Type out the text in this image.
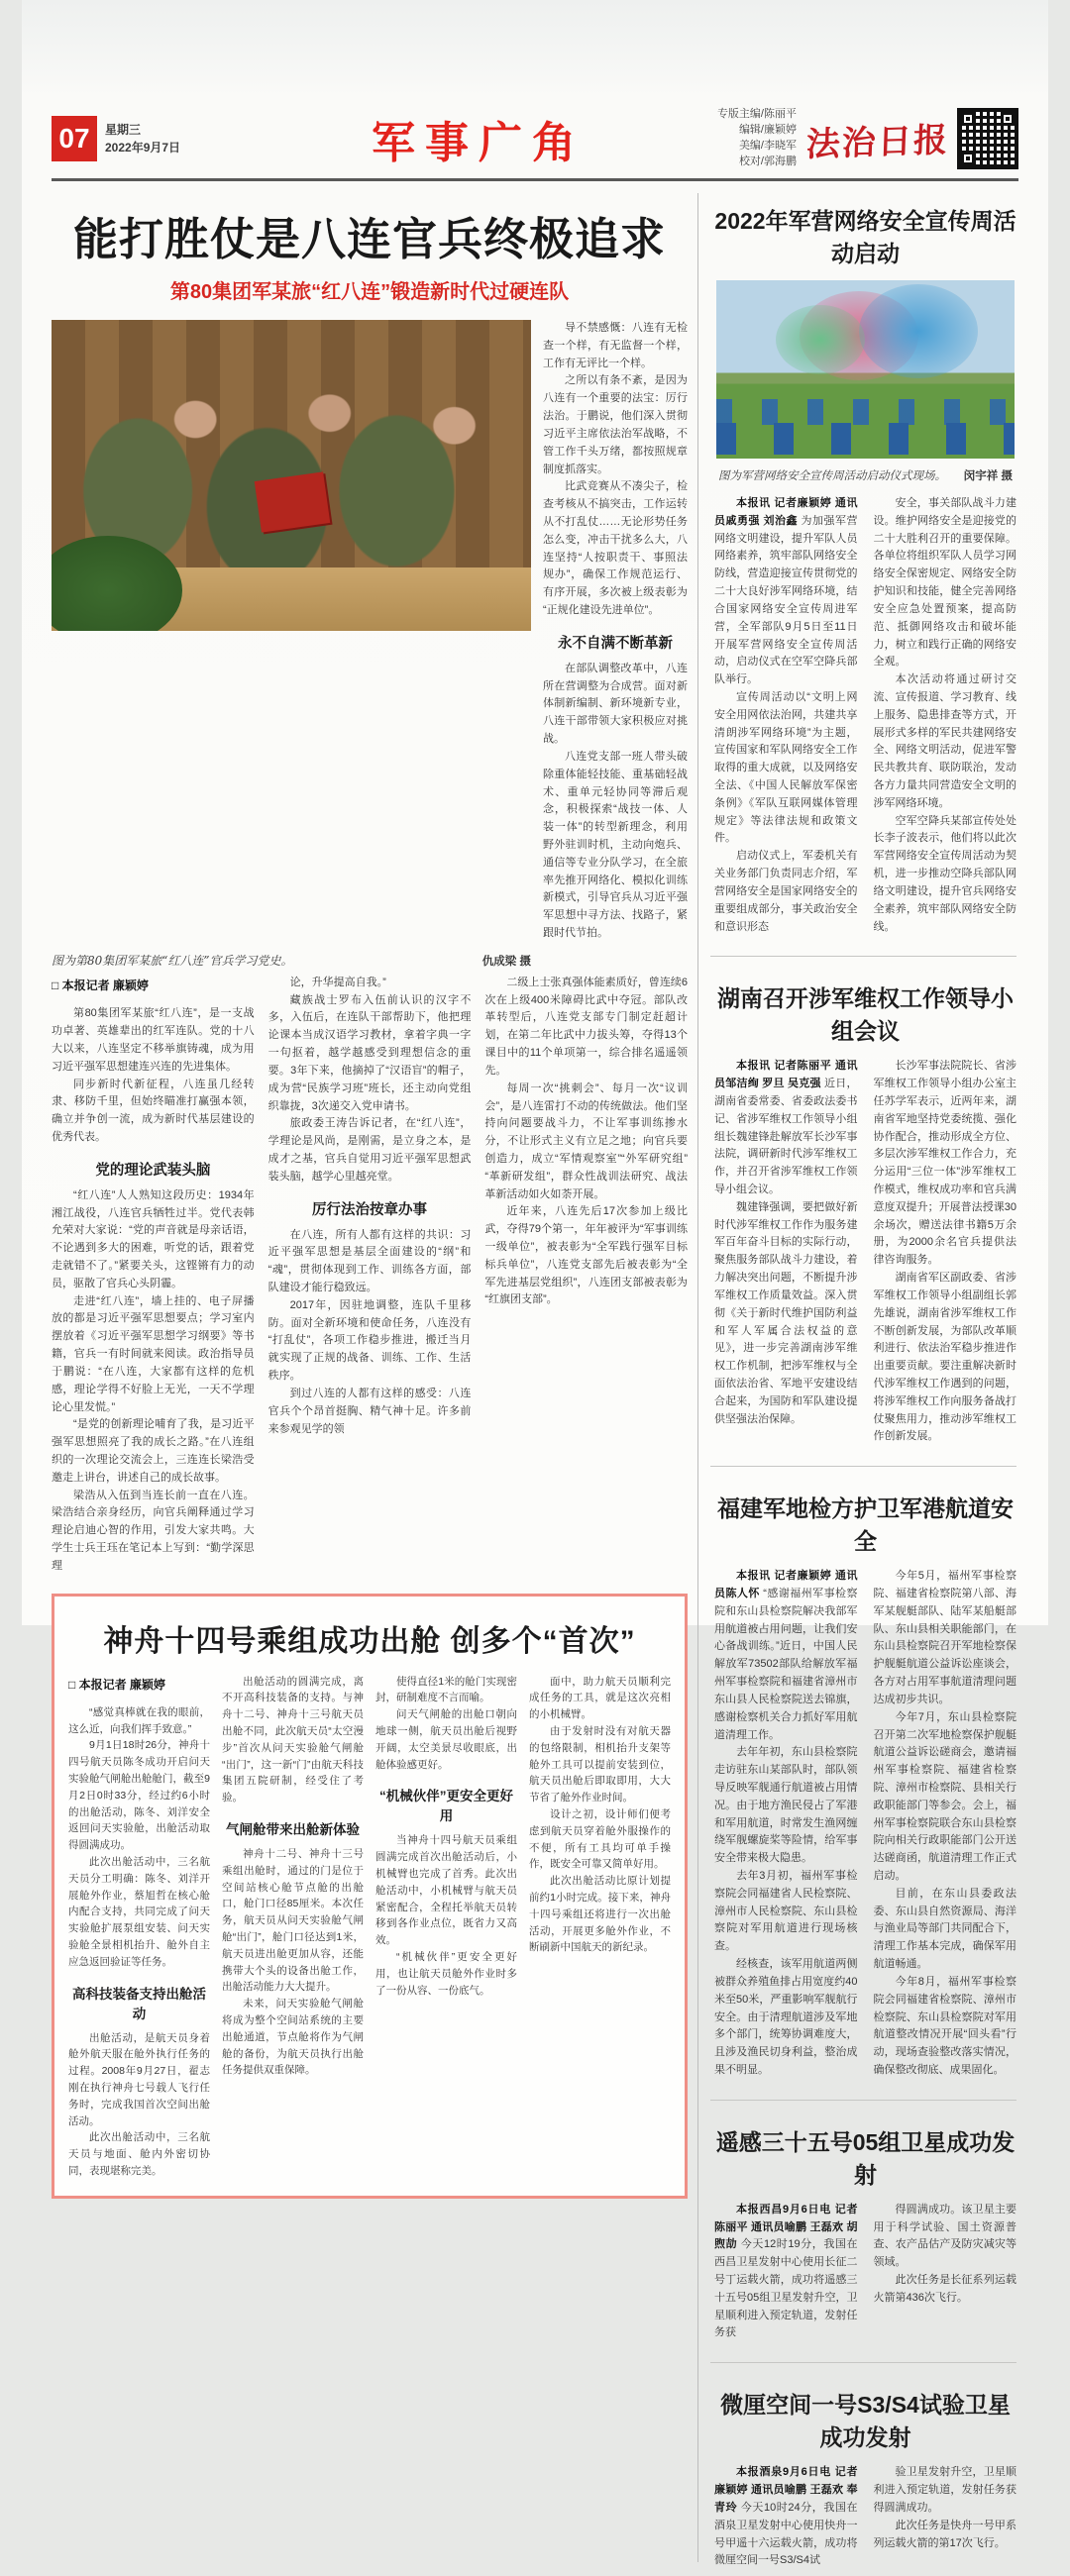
07	星期三
2022年9月7日	军事广角
专版主编/陈丽平
编辑/廉颖婷
美编/李晓军
校对/郭海鹏 法治日报
能打胜仗是八连官兵终极追求
第80集团军某旅“红八连”锻造新时代过硬连队

导不禁感慨：八连有无检查一个样，有无监督一个样，工作有无评比一个样。

之所以有条不紊，是因为八连有一个重要的法宝：厉行法治。于鹏说，他们深入贯彻习近平主席依法治军战略，不管工作千头万绪，都按照规章制度抓落实。

比武竞赛从不凑尖子，检查考核从不搞突击，工作运转从不打乱仗……无论形势任务怎么变，冲击干扰多么大，八连坚持“人按职责干、事照法规办”，确保工作规范运行、有序开展，多次被上级表彰为“正规化建设先进单位”。

永不自满不断革新

在部队调整改革中，八连所在营调整为合成营。面对新体制新编制、新环境新专业，八连干部带领大家积极应对挑战。

八连党支部一班人带头破除重体能轻技能、重基础轻战术、重单元轻协同等滞后观念，积极探索“战技一体、人装一体”的转型新理念，利用野外驻训时机，主动向炮兵、通信等专业分队学习，在全旅率先推开网络化、模拟化训练新模式，引导官兵从习近平强军思想中寻方法、找路子，紧跟时代节拍。

图为第80集团军某旅“红八连”官兵学习党史。	仇成梁 摄

□ 本报记者 廉颖婷

第80集团军某旅“红八连”，是一支战功卓著、英雄辈出的红军连队。党的十八大以来，八连坚定不移举旗铸魂，成为用习近平强军思想建连兴连的先进集体。

同步新时代新征程，八连虽几经转隶、移防千里，但始终瞄准打赢强本领，确立并争创一流，成为新时代基层建设的优秀代表。

党的理论武装头脑

“红八连”人人熟知这段历史：1934年湘江战役，八连官兵牺牲过半。党代表韩允荣对大家说：“党的声音就是母亲话语，不论遇到多大的困难，听党的话，跟着党走就错不了。”紧要关头，这铿锵有力的动员，驱散了官兵心头阴霾。

走进“红八连”，墙上挂的、电子屏播放的都是习近平强军思想要点；学习室内摆放着《习近平强军思想学习纲要》等书籍，官兵一有时间就来阅读。政治指导员于鹏说：“在八连，大家都有这样的危机感，理论学得不好脸上无光，一天不学理论心里发慌。”

“是党的创新理论哺育了我，是习近平强军思想照亮了我的成长之路。”在八连组织的一次理论交流会上，三连连长梁浩受邀走上讲台，讲述自己的成长故事。

梁浩从入伍到当连长前一直在八连。梁浩结合亲身经历，向官兵阐释通过学习理论启迪心智的作用，引发大家共鸣。大学生士兵王珏在笔记本上写到：“勤学深思理

论，升华提高自我。”

藏族战士罗布入伍前认识的汉字不多，入伍后，在连队干部帮助下，他把理论课本当成汉语学习教材，拿着字典一字一句抠着，越学越感受到理想信念的重要。3年下来，他摘掉了“汉语盲”的帽子，成为营“民族学习班”班长，还主动向党组织靠拢，3次递交入党申请书。

旅政委王涛告诉记者，在“红八连”，学理论是风尚，是刚需，是立身之本，是成才之基，官兵自觉用习近平强军思想武装头脑，越学心里越亮堂。

厉行法治按章办事

在八连，所有人都有这样的共识：习近平强军思想是基层全面建设的“纲”和“魂”，贯彻体现到工作、训练各方面，部队建设才能行稳致远。

2017年，因驻地调整，连队千里移防。面对全新环境和使命任务，八连没有“打乱仗”，各项工作稳步推进，搬迁当月就实现了正规的战备、训练、工作、生活秩序。

到过八连的人都有这样的感受：八连官兵个个昂首挺胸、精气神十足。许多前来参观见学的领

二级上士张真强体能素质好，曾连续6次在上级400米障碍比武中夺冠。部队改革转型后，八连党支部专门制定赶超计划，在第二年比武中力拔头筹，夺得13个课目中的11个单项第一，综合排名遥遥领先。

每周一次“挑刺会”、每月一次“议训会”，是八连雷打不动的传统做法。他们坚持向问题要战斗力，不让军事训练掺水分，不让形式主义有立足之地；向官兵要创造力，成立“军情观察室”“外军研究组”“革新研发组”，群众性战训法研究、战法革新活动如火如荼开展。

近年来，八连先后17次参加上级比武，夺得79个第一，年年被评为“军事训练一级单位”，被表彰为“全军践行强军目标标兵单位”，八连党支部先后被表彰为“全军先进基层党组织”，八连团支部被表彰为“红旗团支部”。

神舟十四号乘组成功出舱 创多个“首次”

□ 本报记者 廉颖婷

“感觉真棒就在我的眼前，这么近，向我们挥手致意。”

9月1日18时26分，神舟十四号航天员陈冬成功开启问天实验舱气闸舱出舱舱门，截至9月2日0时33分，经过约6小时的出舱活动，陈冬、刘洋安全返回问天实验舱，出舱活动取得圆满成功。

此次出舱活动中，三名航天员分工明确：陈冬、刘洋开展舱外作业，蔡旭哲在核心舱内配合支持，共同完成了问天实验舱扩展泵组安装、问天实验舱全景相机抬升、舱外自主应急返回验证等任务。

高科技装备支持出舱活动

出舱活动，是航天员身着舱外航天服在舱外执行任务的过程。2008年9月27日，翟志刚在执行神舟七号载人飞行任务时，完成我国首次空间出舱活动。

此次出舱活动中，三名航天员与地面、舱内外密切协同，表现堪称完美。

出舱活动的圆满完成，离不开高科技装备的支持。与神舟十二号、神舟十三号航天员出舱不同，此次航天员“太空漫步”首次从问天实验舱气闸舱“出门”，这一新“门”由航天科技集团五院研制，经受住了考验。

气闸舱带来出舱新体验

神舟十二号、神舟十三号乘组出舱时，通过的门是位于空间站核心舱节点舱的出舱口，舱门口径85厘米。本次任务，航天员从问天实验舱气闸舱“出门”，舱门口径达到1米，航天员进出舱更加从容，还能携带大个头的设备出舱工作，出舱活动能力大大提升。

未来，问天实验舱气闸舱将成为整个空间站系统的主要出舱通道，节点舱将作为气闸舱的备份，为航天员执行出舱任务提供双重保障。

使得直径1米的舱门实现密封，研制难度不言而喻。

问天气闸舱的出舱口朝向地球一侧，航天员出舱后视野开阔，太空美景尽收眼底，出舱体验感更好。

“机械伙伴”更安全更好用

当神舟十四号航天员乘组圆满完成首次出舱活动后，小机械臂也完成了首秀。此次出舱活动中，小机械臂与航天员紧密配合，全程托举航天员转移到各作业点位，既省力又高效。

“机械伙伴”更安全更好用，也让航天员舱外作业时多了一份从容、一份底气。

面中，助力航天员顺利完成任务的工具，就是这次亮相的小机械臂。

由于发射时没有对航天器的包络限制，相机抬升支架等舱外工具可以提前安装到位，航天员出舱后即取即用，大大节省了舱外作业时间。

设计之初，设计师们便考虑到航天员穿着舱外服操作的不便，所有工具均可单手操作，既安全可靠又简单好用。

此次出舱活动比原计划提前约1小时完成。接下来，神舟十四号乘组还将进行一次出舱活动，开展更多舱外作业，不断刷新中国航天的新纪录。

2022年军营网络安全宣传周活动启动
图为军营网络安全宣传周活动启动仪式现场。 闵宇祥 摄

本报讯 记者廉颖婷 通讯员戚勇强 刘治鑫 为加强军营网络文明建设，提升军队人员网络素养，筑牢部队网络安全防线，营造迎接宣传贯彻党的二十大良好涉军网络环境，结合国家网络安全宣传周进军营，全军部队9月5日至11日开展军营网络安全宣传周活动，启动仪式在空军空降兵部队举行。

宣传周活动以“文明上网安全用网依法治网，共建共享清朗涉军网络环境”为主题，宣传国家和军队网络安全工作取得的重大成就，以及网络安全法、《中国人民解放军保密条例》《军队互联网媒体管理规定》等法律法规和政策文件。

启动仪式上，军委机关有关业务部门负责同志介绍，军营网络安全是国家网络安全的重要组成部分，事关政治安全和意识形态

安全，事关部队战斗力建设。维护网络安全是迎接党的二十大胜利召开的重要保障。各单位将组织军队人员学习网络安全保密规定、网络安全防护知识和技能，健全完善网络安全应急处置预案，提高防范、抵御网络攻击和破坏能力，树立和践行正确的网络安全观。

本次活动将通过研讨交流、宣传报道、学习教育、线上服务、隐患排查等方式，开展形式多样的军民共建网络安全、网络文明活动，促进军警民共教共育、联防联治，发动各方力量共同营造安全文明的涉军网络环境。

空军空降兵某部宣传处处长李子波表示，他们将以此次军营网络安全宣传周活动为契机，进一步推动空降兵部队网络文明建设，提升官兵网络安全素养，筑牢部队网络安全防线。

湖南召开涉军维权工作领导小组会议

本报讯 记者陈丽平 通讯员邹洁绚 罗旦 吴克强 近日，湖南省委常委、省委政法委书记、省涉军维权工作领导小组组长魏建锋赴解放军长沙军事法院，调研新时代涉军维权工作，并召开省涉军维权工作领导小组会议。

魏建锋强调，要把做好新时代涉军维权工作作为服务建军百年奋斗目标的实际行动，聚焦服务部队战斗力建设，着力解决突出问题，不断提升涉军维权工作质量效益。深入贯彻《关于新时代维护国防利益和军人军属合法权益的意见》，进一步完善湖南涉军维权工作机制，把涉军维权与全面依法治省、军地平安建设结合起来，为国防和军队建设提供坚强法治保障。

长沙军事法院院长、省涉军维权工作领导小组办公室主任苏学军表示，近两年来，湖南省军地坚持党委统揽、强化协作配合，推动形成全方位、多层次涉军维权工作合力，充分运用“三位一体”涉军维权工作模式，维权成功率和官兵满意度双提升；开展普法授课30余场次，赠送法律书籍5万余册，为2000余名官兵提供法律咨询服务。

湖南省军区副政委、省涉军维权工作领导小组副组长郭先雄说，湖南省涉军维权工作不断创新发展，为部队改革顺利进行、依法治军稳步推进作出重要贡献。要注重解决新时代涉军维权工作遇到的问题，将涉军维权工作向服务备战打仗聚焦用力，推动涉军维权工作创新发展。

福建军地检方护卫军港航道安全

本报讯 记者廉颖婷 通讯员陈人怀 “感谢福州军事检察院和东山县检察院解决我部军用航道被占用问题，让我们安心备战训练。”近日，中国人民解放军73502部队给解放军福州军事检察院和福建省漳州市东山县人民检察院送去锦旗，感谢检察机关合力抓好军用航道清理工作。

去年年初，东山县检察院走访驻东山某部队时，部队领导反映军舰通行航道被占用情况。由于地方渔民侵占了军港和军用航道，时常发生渔网缠绕军舰螺旋桨等险情，给军事安全带来极大隐患。

去年3月初，福州军事检察院会同福建省人民检察院、漳州市人民检察院、东山县检察院对军用航道进行现场核查。

经核查，该军用航道两侧被群众养殖鱼排占用宽度约40米至50米，严重影响军舰航行安全。由于清理航道涉及军地多个部门，统筹协调难度大，且涉及渔民切身利益，整治成果不明显。

今年5月，福州军事检察院、福建省检察院第八部、海军某舰艇部队、陆军某船艇部队、东山县相关职能部门，在东山县检察院召开军地检察保护舰艇航道公益诉讼座谈会，各方对占用军事航道清理问题达成初步共识。

今年7月，东山县检察院召开第二次军地检察保护舰艇航道公益诉讼磋商会，邀请福州军事检察院、福建省检察院、漳州市检察院、县相关行政职能部门等参会。会上，福州军事检察院联合东山县检察院向相关行政职能部门公开送达磋商函，航道清理工作正式启动。

目前，在东山县委政法委、东山县自然资源局、海洋与渔业局等部门共同配合下，清理工作基本完成，确保军用航道畅通。

今年8月，福州军事检察院会同福建省检察院、漳州市检察院、东山县检察院对军用航道整改情况开展“回头看”行动，现场查验整改落实情况，确保整改彻底、成果固化。

遥感三十五号05组卫星成功发射

本报西昌9月6日电 记者陈丽平 通讯员喻鹏 王磊欢 胡煦劼 今天12时19分，我国在西昌卫星发射中心使用长征二号丁运载火箭，成功将遥感三十五号05组卫星发射升空，卫星顺利进入预定轨道，发射任务获

得圆满成功。该卫星主要用于科学试验、国土资源普查、农产品估产及防灾减灾等领域。

此次任务是长征系列运载火箭第436次飞行。

微厘空间一号S3/S4试验卫星成功发射

本报酒泉9月6日电 记者廉颖婷 通讯员喻鹏 王磊欢 奉青玲 今天10时24分，我国在酒泉卫星发射中心使用快舟一号甲遥十六运载火箭，成功将微厘空间一号S3/S4试

验卫星发射升空，卫星顺利进入预定轨道，发射任务获得圆满成功。

此次任务是快舟一号甲系列运载火箭的第17次飞行。
